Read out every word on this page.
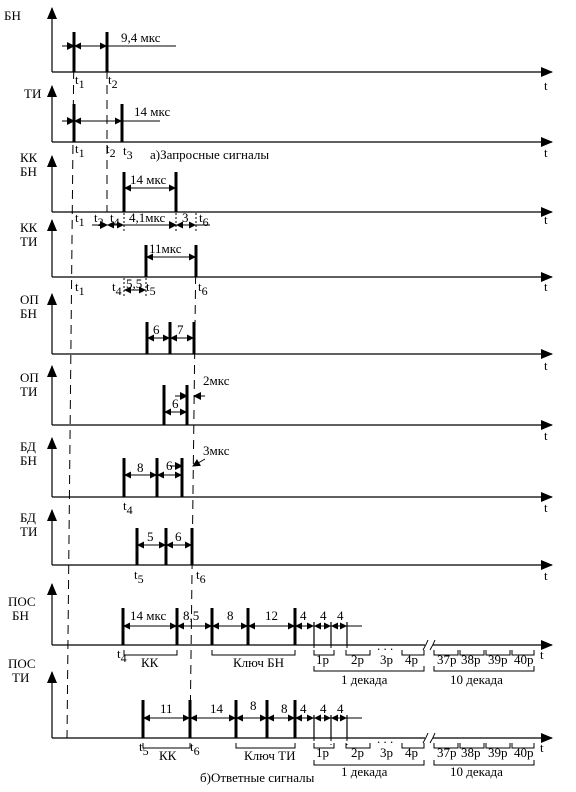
t
t
t
t
t
t
t
t
t
t
БН
ТИ
КК
БН
КК
ТИ
ОП
БН
ОП
ТИ
БД
БН
БД
ТИ
ПОС
БН
ПОС
ТИ
9,4 мкс
14 мкс
14 мкс
4,1мкс 3
11мкс
5,5
6 7
6
2мкс
8 6
3мкс
5 6
14 мкс 8,5 8 12 4 4 4
11	14 8 8 4 4 4
t1 t2
t1 t2 t3
t1 t2 t4	t6
t1 t4 t5	t6
t4
t5	t6
t4
t5	t6
КК	Ключ БН 1р 2р
. . .
3р 4р 37р 38р 39р 40р
1 декада	10 декада
КК	Ключ ТИ 1р 2р
. . .
3р 4р 37р 38р 39р 40р
1 декада	10 декада
а)Запросные сигналы
б)Ответные сигналы
